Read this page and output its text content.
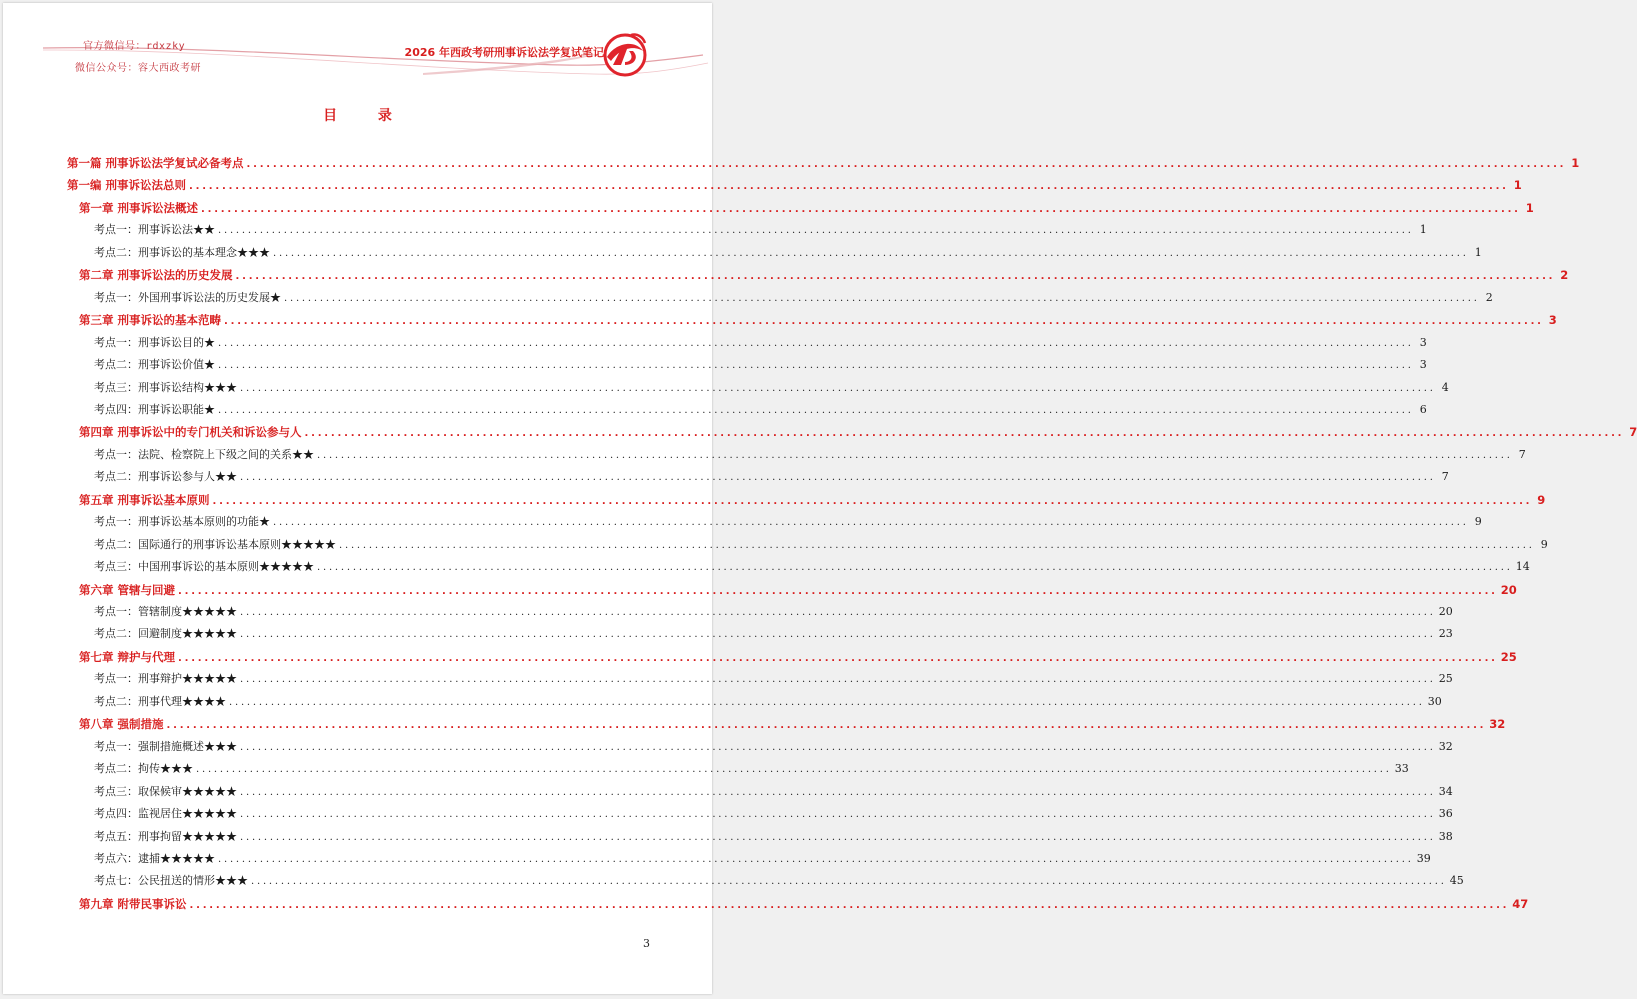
官方微信号：rdxzky
微信公众号：容大西政考研
2026 年西政考研刑事诉讼法学复试笔记
目 录
第一篇 刑事诉讼法学复试必备考点 ........................................................................................................................................................................................................ 1
第一编 刑事诉讼法总则 ........................................................................................................................................................................................................ 1
第一章 刑事诉讼法概述 ........................................................................................................................................................................................................ 1
考点一：刑事诉讼法★★ ........................................................................................................................................................................................................ 1
考点二：刑事诉讼的基本理念★★★ ........................................................................................................................................................................................................ 1
第二章 刑事诉讼法的历史发展 ........................................................................................................................................................................................................ 2
考点一：外国刑事诉讼法的历史发展★ ........................................................................................................................................................................................................ 2
第三章 刑事诉讼的基本范畴 ........................................................................................................................................................................................................ 3
考点一：刑事诉讼目的★ ........................................................................................................................................................................................................ 3
考点二：刑事诉讼价值★ ........................................................................................................................................................................................................ 3
考点三：刑事诉讼结构★★★ ........................................................................................................................................................................................................ 4
考点四：刑事诉讼职能★ ........................................................................................................................................................................................................ 6
第四章 刑事诉讼中的专门机关和诉讼参与人 ........................................................................................................................................................................................................ 7
考点一：法院、检察院上下级之间的关系★★ ........................................................................................................................................................................................................ 7
考点二：刑事诉讼参与人★★ ........................................................................................................................................................................................................ 7
第五章 刑事诉讼基本原则 ........................................................................................................................................................................................................ 9
考点一：刑事诉讼基本原则的功能★ ........................................................................................................................................................................................................ 9
考点二：国际通行的刑事诉讼基本原则★★★★★ ........................................................................................................................................................................................................ 9
考点三：中国刑事诉讼的基本原则★★★★★ ........................................................................................................................................................................................................ 14
第六章 管辖与回避 ........................................................................................................................................................................................................ 20
考点一：管辖制度★★★★★ ........................................................................................................................................................................................................ 20
考点二：回避制度★★★★★ ........................................................................................................................................................................................................ 23
第七章 辩护与代理 ........................................................................................................................................................................................................ 25
考点一：刑事辩护★★★★★ ........................................................................................................................................................................................................ 25
考点二：刑事代理★★★★ ........................................................................................................................................................................................................ 30
第八章 强制措施 ........................................................................................................................................................................................................ 32
考点一：强制措施概述★★★ ........................................................................................................................................................................................................ 32
考点二：拘传★★★ ........................................................................................................................................................................................................ 33
考点三：取保候审★★★★★ ........................................................................................................................................................................................................ 34
考点四：监视居住★★★★★ ........................................................................................................................................................................................................ 36
考点五：刑事拘留★★★★★ ........................................................................................................................................................................................................ 38
考点六：逮捕★★★★★ ........................................................................................................................................................................................................ 39
考点七：公民扭送的情形★★★ ........................................................................................................................................................................................................ 45
第九章 附带民事诉讼 ........................................................................................................................................................................................................ 47
3
